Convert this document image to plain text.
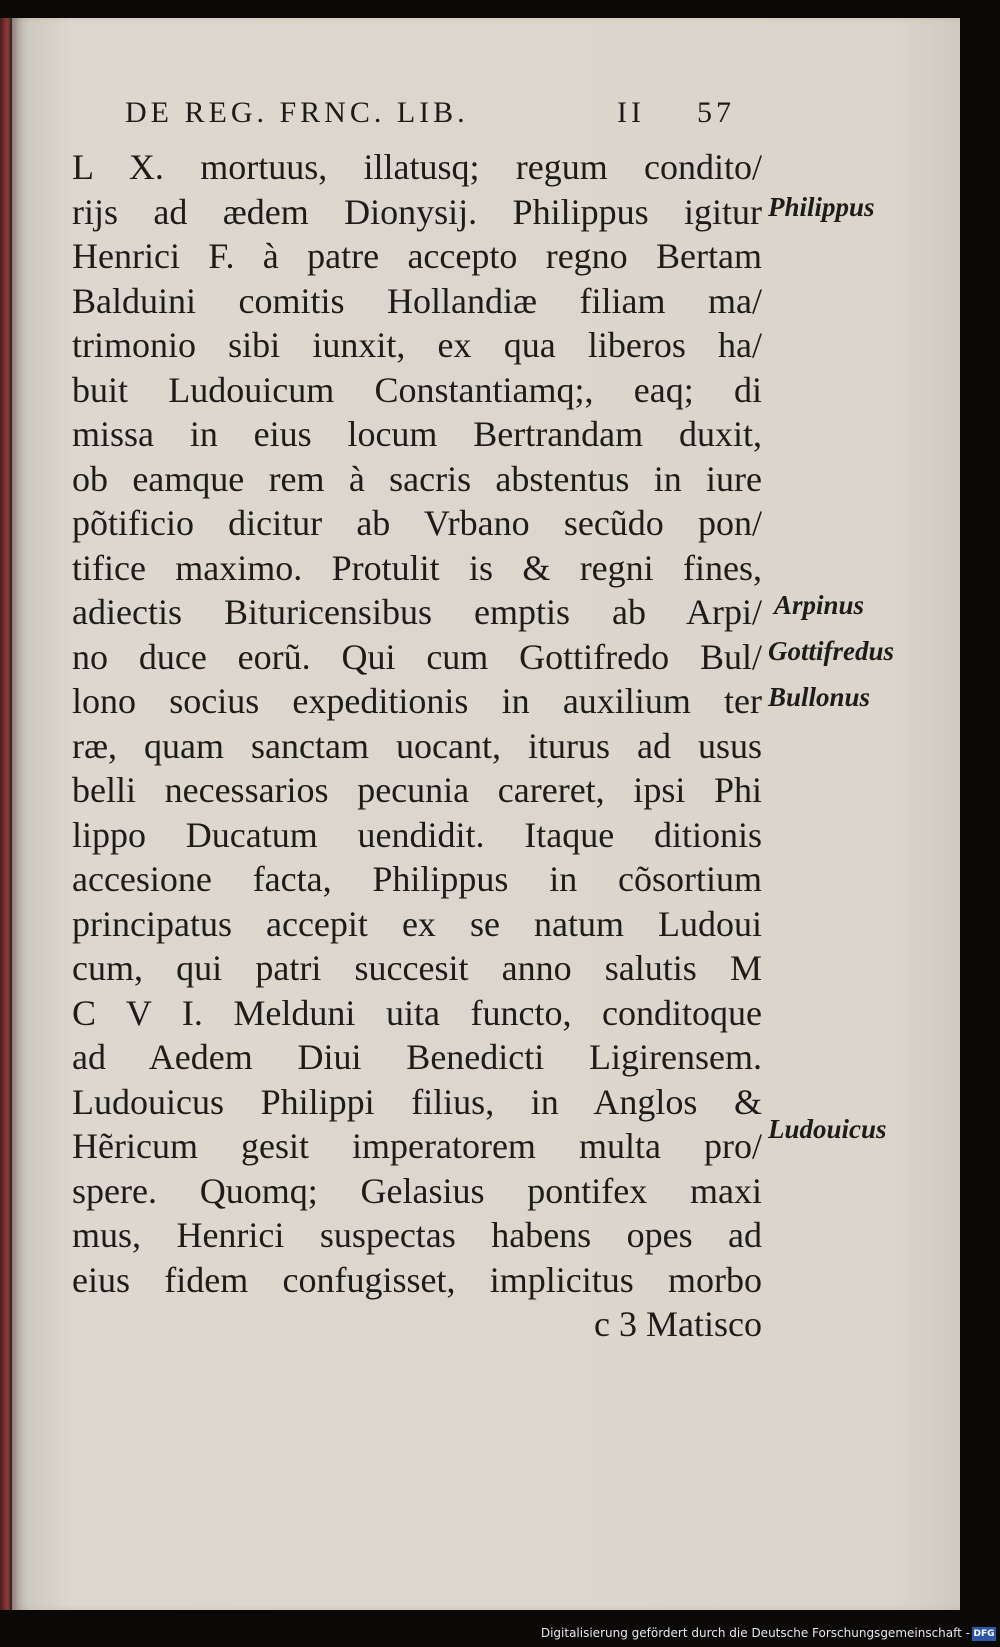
DE REG. FRNC. LIB.	II 57
L X. mortuus, illatusq; regum condito/
rijs ad ædem Dionysij. Philippus igitur
Henrici F. à patre accepto regno Bertam
Balduini comitis Hollandiæ filiam ma/
trimonio sibi iunxit, ex qua liberos ha/
buit Ludouicum Constantiamq;, eaq; di
missa in eius locum Bertrandam duxit,
ob eamque rem à sacris abstentus in iure
põtificio dicitur ab Vrbano secũdo pon/
tifice maximo. Protulit is & regni fines,
adiectis Bituricensibus emptis ab Arpi/
no duce eorũ. Qui cum Gottifredo Bul/
lono socius expeditionis in auxilium ter
ræ, quam sanctam uocant, iturus ad usus
belli necessarios pecunia careret, ipsi Phi
lippo Ducatum uendidit. Itaque ditionis
accesione facta, Philippus in cõsortium
principatus accepit ex se natum Ludoui
cum, qui patri succesit anno salutis M
C V I. Melduni uita functo, conditoque
ad Aedem Diui Benedicti Ligirensem.
Ludouicus Philippi filius, in Anglos &
Hẽricum gesit imperatorem multa pro/
spere. Quomq; Gelasius pontifex maxi
mus, Henrici suspectas habens opes ad
eius fidem confugisset, implicitus morbo
c 3 Matisco
Philippus
Arpinus
Gottifredus
Bullonus
Ludouicus
Digitalisierung gefördert durch die Deutsche Forschungsgemeinschaft - DFG
